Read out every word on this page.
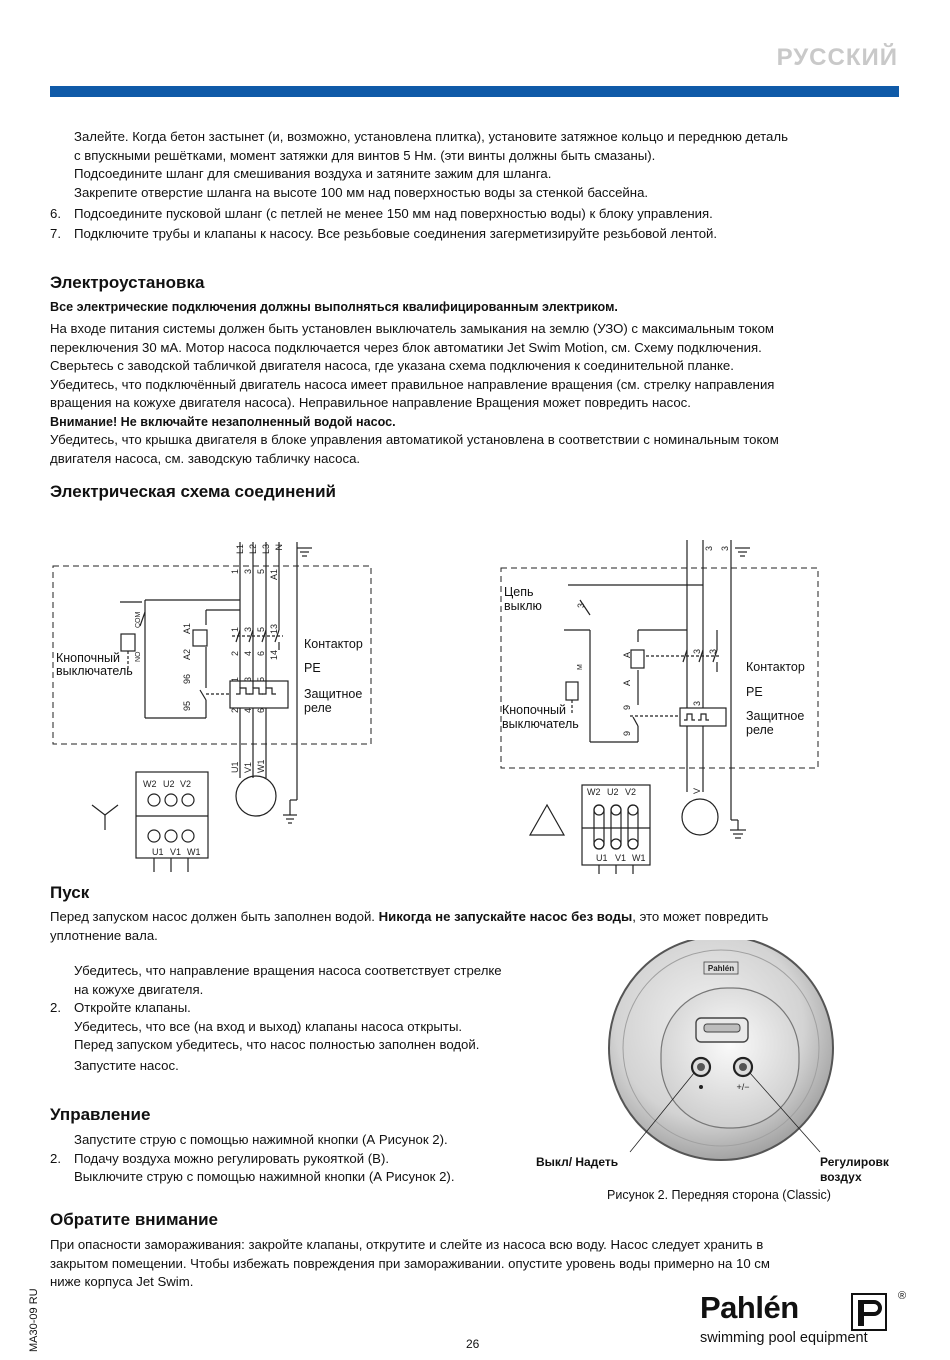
РУССКИЙ
Залейте. Когда бетон застынет (и, возможно, установлена плитка), установите затяжное кольцо и переднюю деталь
с впускными решётками, момент затяжки для винтов 5 Нм. (эти винты должны быть смазаны).
Подсоедините шланг для смешивания воздуха и затяните зажим для шланга.
Закрепите отверстие шланга на высоте 100 мм над поверхностью воды за стенкой бассейна.
6. Подсоедините пусковой шланг (с петлей не менее 150 мм над поверхностью воды) к блоку управления.
7. Подключите трубы и клапаны к насосу. Все резьбовые соединения загерметизируйте резьбовой лентой.
Электроустановка
Все электрические подключения должны выполняться квалифицированным электриком.
На входе питания системы должен быть установлен выключатель замыкания на землю (УЗО) с максимальным током
переключения 30 мА. Мотор насоса подключается через блок автоматики Jet Swim Motion, см. Схему подключения.
Сверьтесь с заводской табличкой двигателя насоса, где указана схема подключения к соединительной планке.
Убедитесь, что подключённый двигатель насоса имеет правильное направление вращения (см. стрелку направления
вращения на кожухе двигателя насоса). Неправильное направление Вращения может повредить насос.
Внимание! Не включайте незаполненный водой насос.
Убедитесь, что крышка двигателя в блоке управления автоматикой установлена в соответствии с номинальным током
двигателя насоса, см. заводскую табличку насоса.
Электрическая схема соединений
L1 L2 L3 N
1 3 5 A1
1 3 5 13
2 4 6 14
1 3 5
2 4 6
U1 V1 W1
A1
A2
96
95
COM
NO
W2 U2 V2
U1 V1 W1
Кнопочный
выключатель
Контактор
PE
Защитное
реле
3 3
3
A
A
M
9
9
3
3
3
V
W2 U2 V2
U1 V1 W1
Цепь
выклю
Кнопочный
выключатель
Контактор
PE
Защитное
реле
Пуск
Перед запуском насос должен быть заполнен водой. Никогда не запускайте насос без воды, это может повредить
уплотнение вала.
Убедитесь, что направление вращения насоса соответствует стрелке
на кожухе двигателя.
2. Откройте клапаны.
Убедитесь, что все (на вход и выход) клапаны насоса открыты.
Перед запуском убедитесь, что насос полностью заполнен водой.
Запустите насос.
Управление
Запустите струю с помощью нажимной кнопки (А Рисунок 2).
2. Подачу воздуха можно регулировать рукояткой (В).
Выключите струю с помощью нажимной кнопки (А Рисунок 2).
Pahlén
+/−
Выкл/ Надеть	Регулировк
воздух
Рисунок 2. Передняя сторона (Classic)
Обратите внимание
При опасности замораживания: закройте клапаны, открутите и слейте из насоса всю воду. Насос следует хранить в
закрытом помещении. Чтобы избежать повреждения при замораживании. опустите уровень воды примерно на 10 см
ниже корпуса Jet Swim.
MA30-09 RU	26
Pahlén	®
swimming pool equipment
